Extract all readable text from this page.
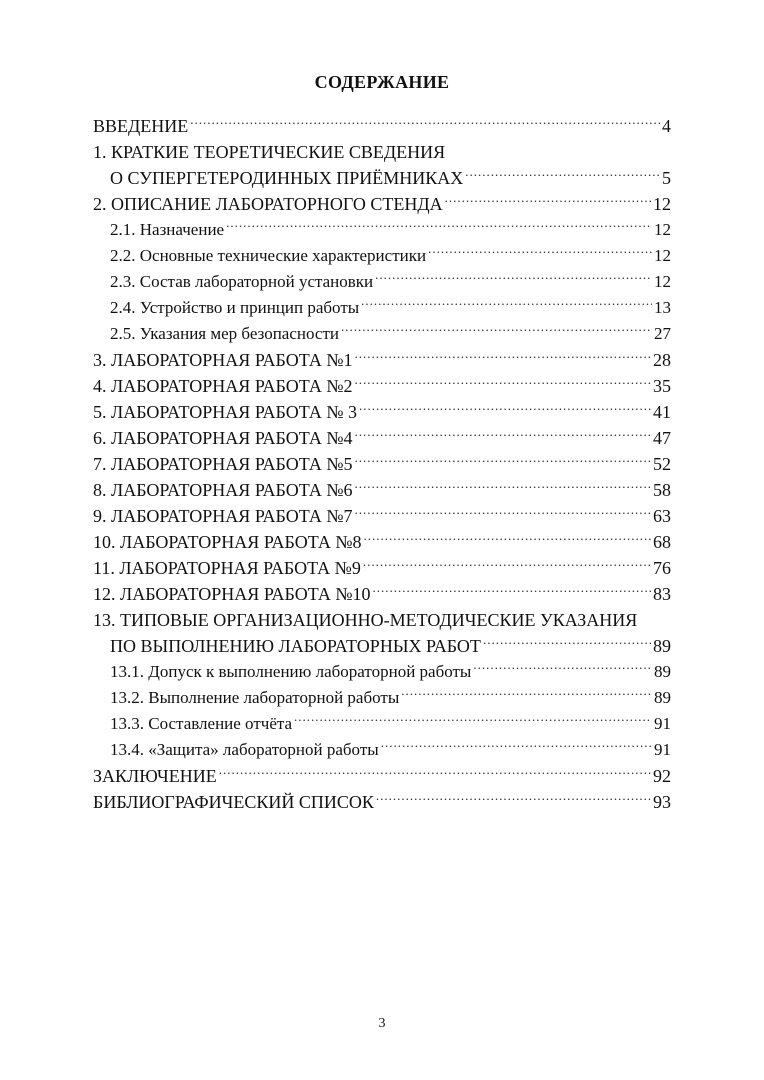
СОДЕРЖАНИЕ
ВВЕДЕНИЕ .....	4
1. КРАТКИЕ ТЕОРЕТИЧЕСКИЕ СВЕДЕНИЯ
О СУПЕРГЕТЕРОДИННЫХ ПРИЁМНИКАХ .....	5
2. ОПИСАНИЕ ЛАБОРАТОРНОГО СТЕНДА .....	12
2.1. Назначение .....	12
2.2. Основные технические характеристики .....	12
2.3. Состав лабораторной установки .....	12
2.4. Устройство и принцип работы .....	13
2.5. Указания мер безопасности .....	27
3. ЛАБОРАТОРНАЯ РАБОТА №1 .....	28
4. ЛАБОРАТОРНАЯ РАБОТА №2 .....	35
5. ЛАБОРАТОРНАЯ РАБОТА № 3 .....	41
6. ЛАБОРАТОРНАЯ РАБОТА №4 .....	47
7. ЛАБОРАТОРНАЯ РАБОТА №5 .....	52
8. ЛАБОРАТОРНАЯ РАБОТА №6 .....	58
9. ЛАБОРАТОРНАЯ РАБОТА №7 .....	63
10. ЛАБОРАТОРНАЯ РАБОТА №8 .....	68
11. ЛАБОРАТОРНАЯ РАБОТА №9 .....	76
12. ЛАБОРАТОРНАЯ РАБОТА №10 .....	83
13. ТИПОВЫЕ ОРГАНИЗАЦИОННО-МЕТОДИЧЕСКИЕ УКАЗАНИЯ
ПО ВЫПОЛНЕНИЮ ЛАБОРАТОРНЫХ РАБОТ .....	89
13.1. Допуск к выполнению лабораторной работы .....	89
13.2. Выполнение лабораторной работы .....	89
13.3. Составление отчёта .....	91
13.4. «Защита» лабораторной работы .....	91
ЗАКЛЮЧЕНИЕ .....	92
БИБЛИОГРАФИЧЕСКИЙ СПИСОК .....	93
3
